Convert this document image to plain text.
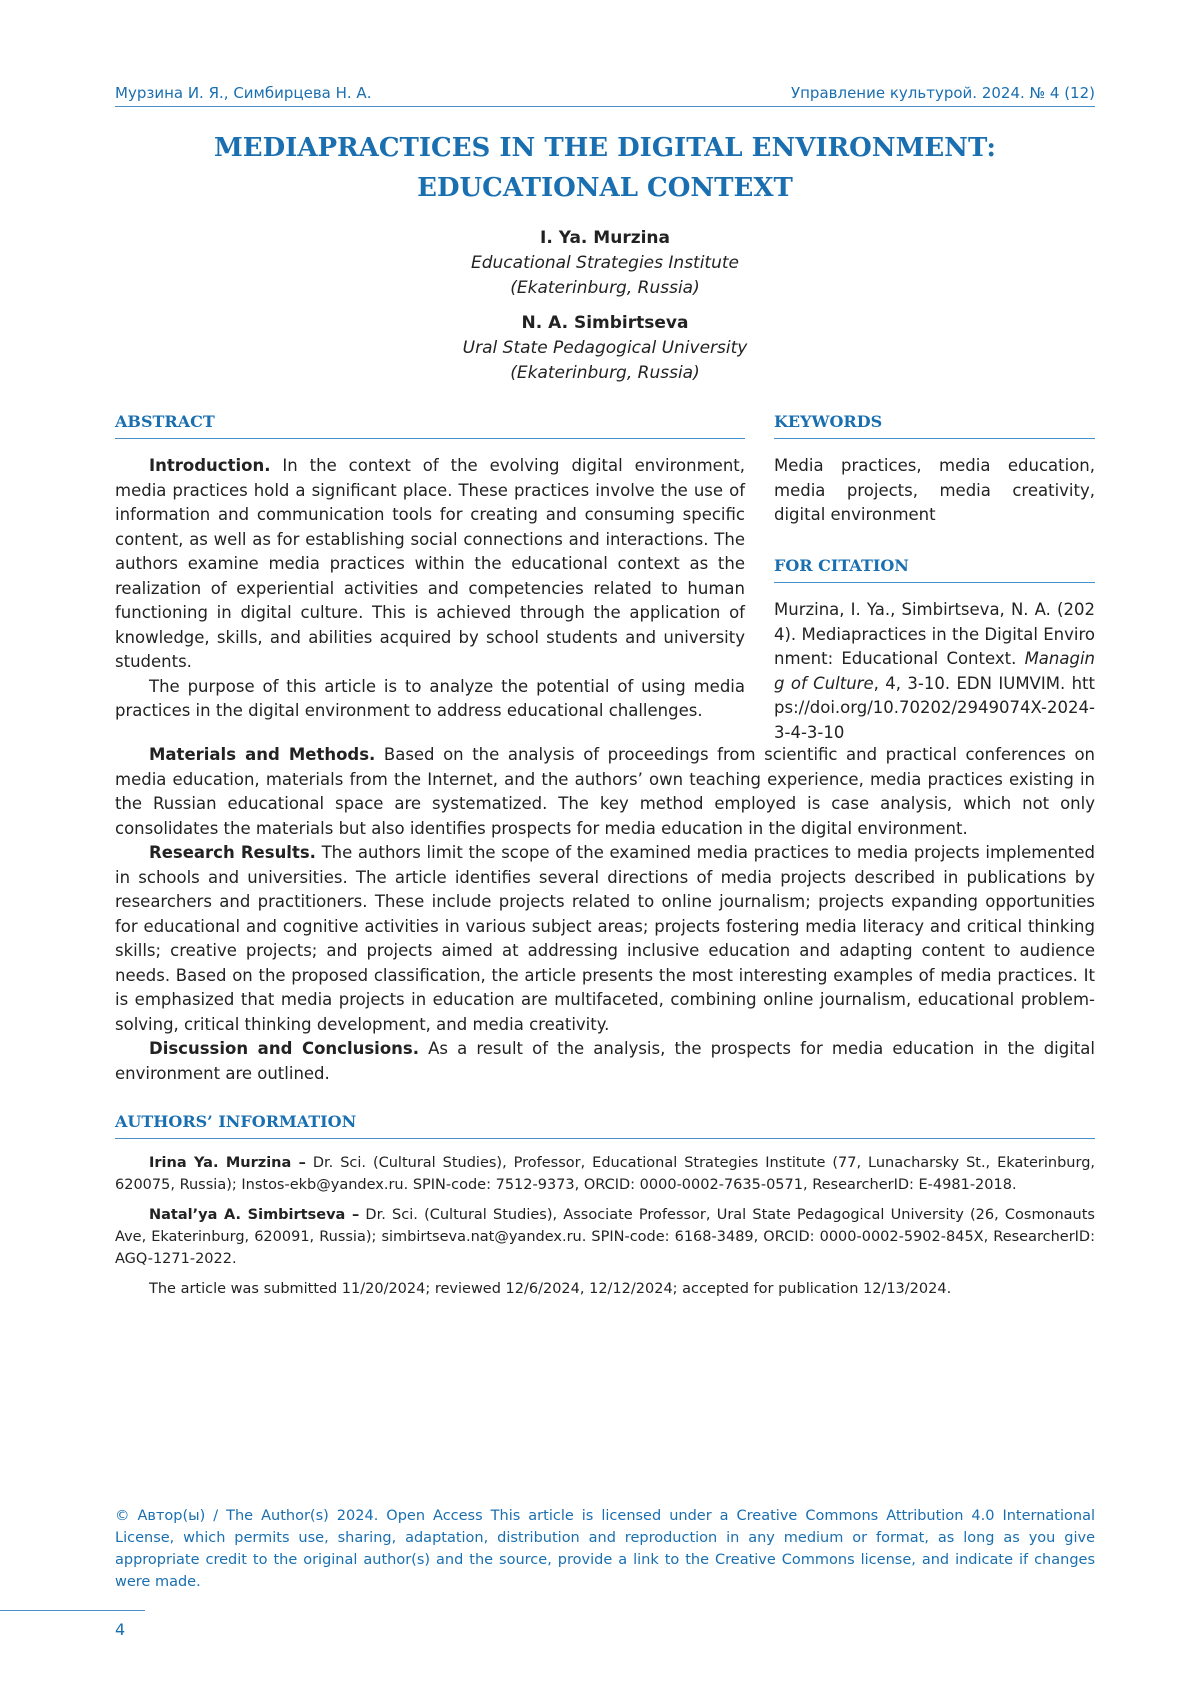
Мурзина И. Я., Симбирцева Н. А.	Управление культурой. 2024. № 4 (12)
MEDIAPRACTICES IN THE DIGITAL ENVIRONMENT:
EDUCATIONAL CONTEXT
I. Ya. Murzina
Educational Strategies Institute
(Ekaterinburg, Russia)
N. A. Simbirtseva
Ural State Pedagogical University
(Ekaterinburg, Russia)
ABSTRACT	KEYWORDS

Introduction. In the context of the evolving digital environment, media practices hold a significant place. These practices involve the use of information and communication tools for creating and consuming specific content, as well as for establishing social connections and interactions. The authors examine media practices within the educational context as the realization of experiential activities and competencies related to human functioning in digital culture. This is achieved through the application of knowledge, skills, and abilities acquired by school students and university students.

The purpose of this article is to analyze the potential of using media practices in the digital environment to address educational challenges.

Media practices, media education, media projects, media creativity, digital environment
FOR CITATION
Murzina, I. Ya., Simbirtseva, N. A. (2024). Mediapractices in the Digital Environment: Educational Context. Managing of Culture, 4, 3-10. EDN IUMVIM. https://doi.org/10.70202/2949074X-2024-3-4-3-10

Materials and Methods. Based on the analysis of proceedings from scientific and practical conferences on media education, materials from the Internet, and the authors’ own teaching experience, media practices existing in the Russian educational space are systematized. The key method employed is case analysis, which not only consolidates the materials but also identifies prospects for media education in the digital environment.

Research Results. The authors limit the scope of the examined media practices to media projects implemented in schools and universities. The article identifies several directions of media projects described in publications by researchers and practitioners. These include projects related to online journalism; projects expanding opportunities for educational and cognitive activities in various subject areas; projects fostering media literacy and critical thinking skills; creative projects; and projects aimed at addressing inclusive education and adapting content to audience needs. Based on the proposed classification, the article presents the most interesting examples of media practices. It is emphasized that media projects in education are multifaceted, combining online journalism, educational problem-solving, critical thinking development, and media creativity.

Discussion and Conclusions. As a result of the analysis, the prospects for media education in the digital environment are outlined.

AUTHORS’ INFORMATION

Irina Ya. Murzina – Dr. Sci. (Cultural Studies), Professor, Educational Strategies Institute (77, Lunacharsky St., Ekaterinburg, 620075, Russia); Instos-ekb@yandex.ru. SPIN-code: 7512-9373, ORCID: 0000-0002-7635-0571, ResearcherID: E-4981-2018.

Natal’ya A. Simbirtseva – Dr. Sci. (Cultural Studies), Associate Professor, Ural State Pedagogical University (26, Cosmonauts Ave, Ekaterinburg, 620091, Russia); simbirtseva.nat@yandex.ru. SPIN-code: 6168-3489, ORCID: 0000-0002-5902-845X, ResearcherID: AGQ-1271-2022.

The article was submitted 11/20/2024; reviewed 12/6/2024, 12/12/2024; accepted for publication 12/13/2024.

© Автор(ы) / The Author(s) 2024. Open Access This article is licensed under a Creative Commons Attribution 4.0 International License, which permits use, sharing, adaptation, distribution and reproduction in any medium or format, as long as you give appropriate credit to the original author(s) and the source, provide a link to the Creative Commons license, and indicate if changes were made.
4
